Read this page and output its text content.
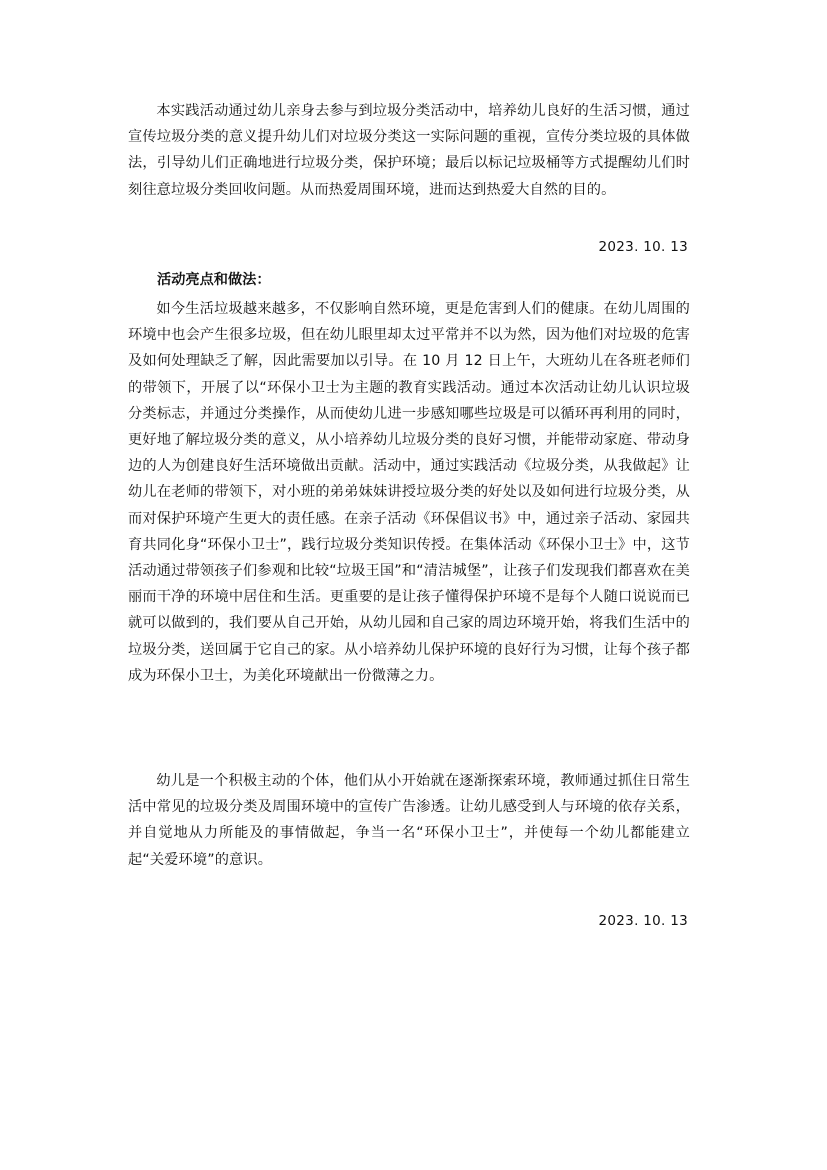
本实践活动通过幼儿亲身去参与到垃圾分类活动中，培养幼儿良好的生活习惯，通过宣传垃圾分类的意义提升幼儿们对垃圾分类这一实际问题的重视，宣传分类垃圾的具体做法，引导幼儿们正确地进行垃圾分类，保护环境；最后以标记垃圾桶等方式提醒幼儿们时刻往意垃圾分类回收问题。从而热爱周围环境，进而达到热爱大自然的目的。

2023. 10. 13

活动亮点和做法：

如今生活垃圾越来越多，不仅影响自然环境，更是危害到人们的健康。在幼儿周围的环境中也会产生很多垃圾，但在幼儿眼里却太过平常并不以为然，因为他们对垃圾的危害及如何处理缺乏了解，因此需要加以引导。在 10 月 12 日上午，大班幼儿在各班老师们的带领下，开展了以“环保小卫士为主题的教育实践活动。通过本次活动让幼儿认识垃圾分类标志，并通过分类操作，从而使幼儿进一步感知哪些垃圾是可以循环再利用的同时，更好地了解垃圾分类的意义，从小培养幼儿垃圾分类的良好习惯，并能带动家庭、带动身边的人为创建良好生活环境做出贡献。活动中，通过实践活动《垃圾分类，从我做起》让幼儿在老师的带领下，对小班的弟弟妹妹讲授垃圾分类的好处以及如何进行垃圾分类，从而对保护环境产生更大的责任感。在亲子活动《环保倡议书》中，通过亲子活动、家园共育共同化身“环保小卫士”，践行垃圾分类知识传授。在集体活动《环保小卫士》中，这节活动通过带领孩子们参观和比较“垃圾王国”和“清洁城堡”，让孩子们发现我们都喜欢在美丽而干净的环境中居住和生活。更重要的是让孩子懂得保护环境不是每个人随口说说而已就可以做到的，我们要从自己开始，从幼儿园和自己家的周边环境开始，将我们生活中的垃圾分类，送回属于它自己的家。从小培养幼儿保护环境的良好行为习惯，让每个孩子都成为环保小卫士，为美化环境献出一份微薄之力。

幼儿是一个积极主动的个体，他们从小开始就在逐渐探索环境，教师通过抓住日常生活中常见的垃圾分类及周围环境中的宣传广告渗透。让幼儿感受到人与环境的依存关系，并自觉地从力所能及的事情做起，争当一名“环保小卫士”，并使每一个幼儿都能建立起“关爱环境”的意识。

2023. 10. 13
